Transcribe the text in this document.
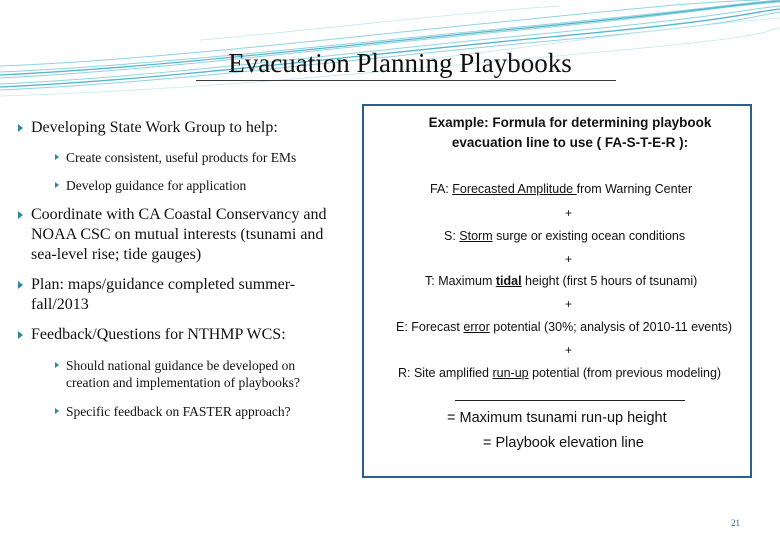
Evacuation Planning Playbooks
Developing State Work Group to help:
Create consistent, useful products for EMs
Develop guidance for application
Coordinate with CA Coastal Conservancy and
NOAA CSC on mutual interests (tsunami and
sea-level rise; tide gauges)
Plan: maps/guidance completed summer-
fall/2013
Feedback/Questions for NTHMP WCS:
Should national guidance be developed on
creation and implementation of playbooks?
Specific feedback on FASTER approach?
Example: Formula for determining playbook
evacuation line to use ( FA-S-T-E-R ):
FA: Forecasted Amplitude from Warning Center
+
S: Storm surge or existing ocean conditions
+
T: Maximum tidal height (first 5 hours of tsunami)
+
E: Forecast error potential (30%; analysis of 2010-11 events)
+
R: Site amplified run-up potential (from previous modeling)
= Maximum tsunami run-up height
= Playbook elevation line
21
